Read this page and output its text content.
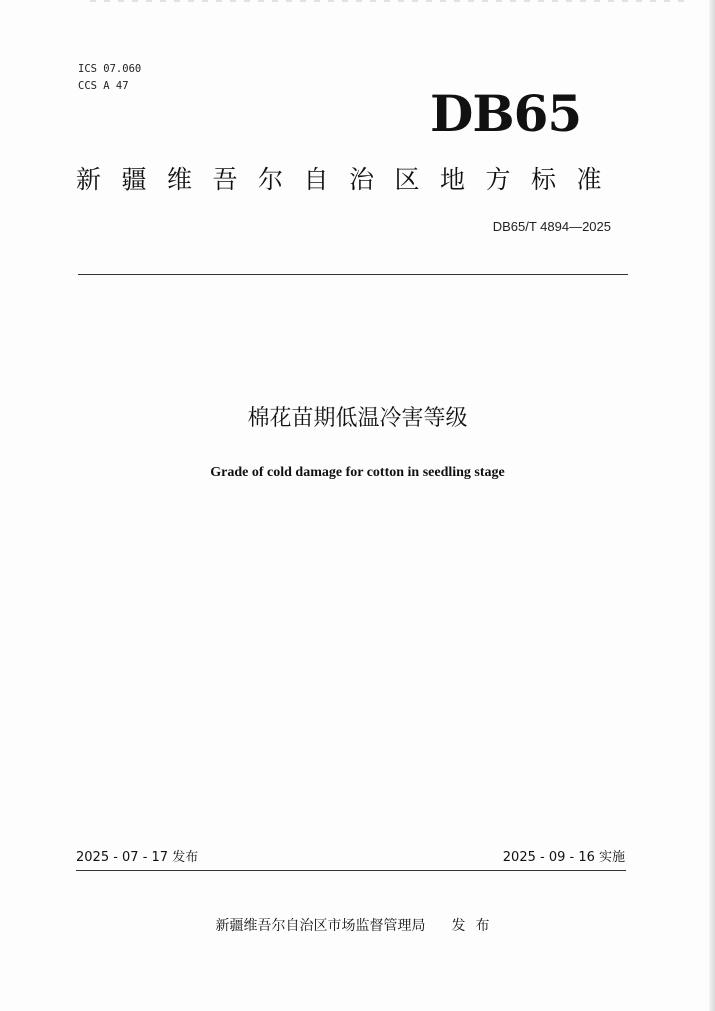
ICS 07.060
CCS A 47	DB65
新疆维吾尔自治区地方标准
DB65/T 4894—2025
棉花苗期低温冷害等级
Grade of cold damage for cotton in seedling stage
2025 - 07 - 17 发布	2025 - 09 - 16 实施
新疆维吾尔自治区市场监督管理局 发布
